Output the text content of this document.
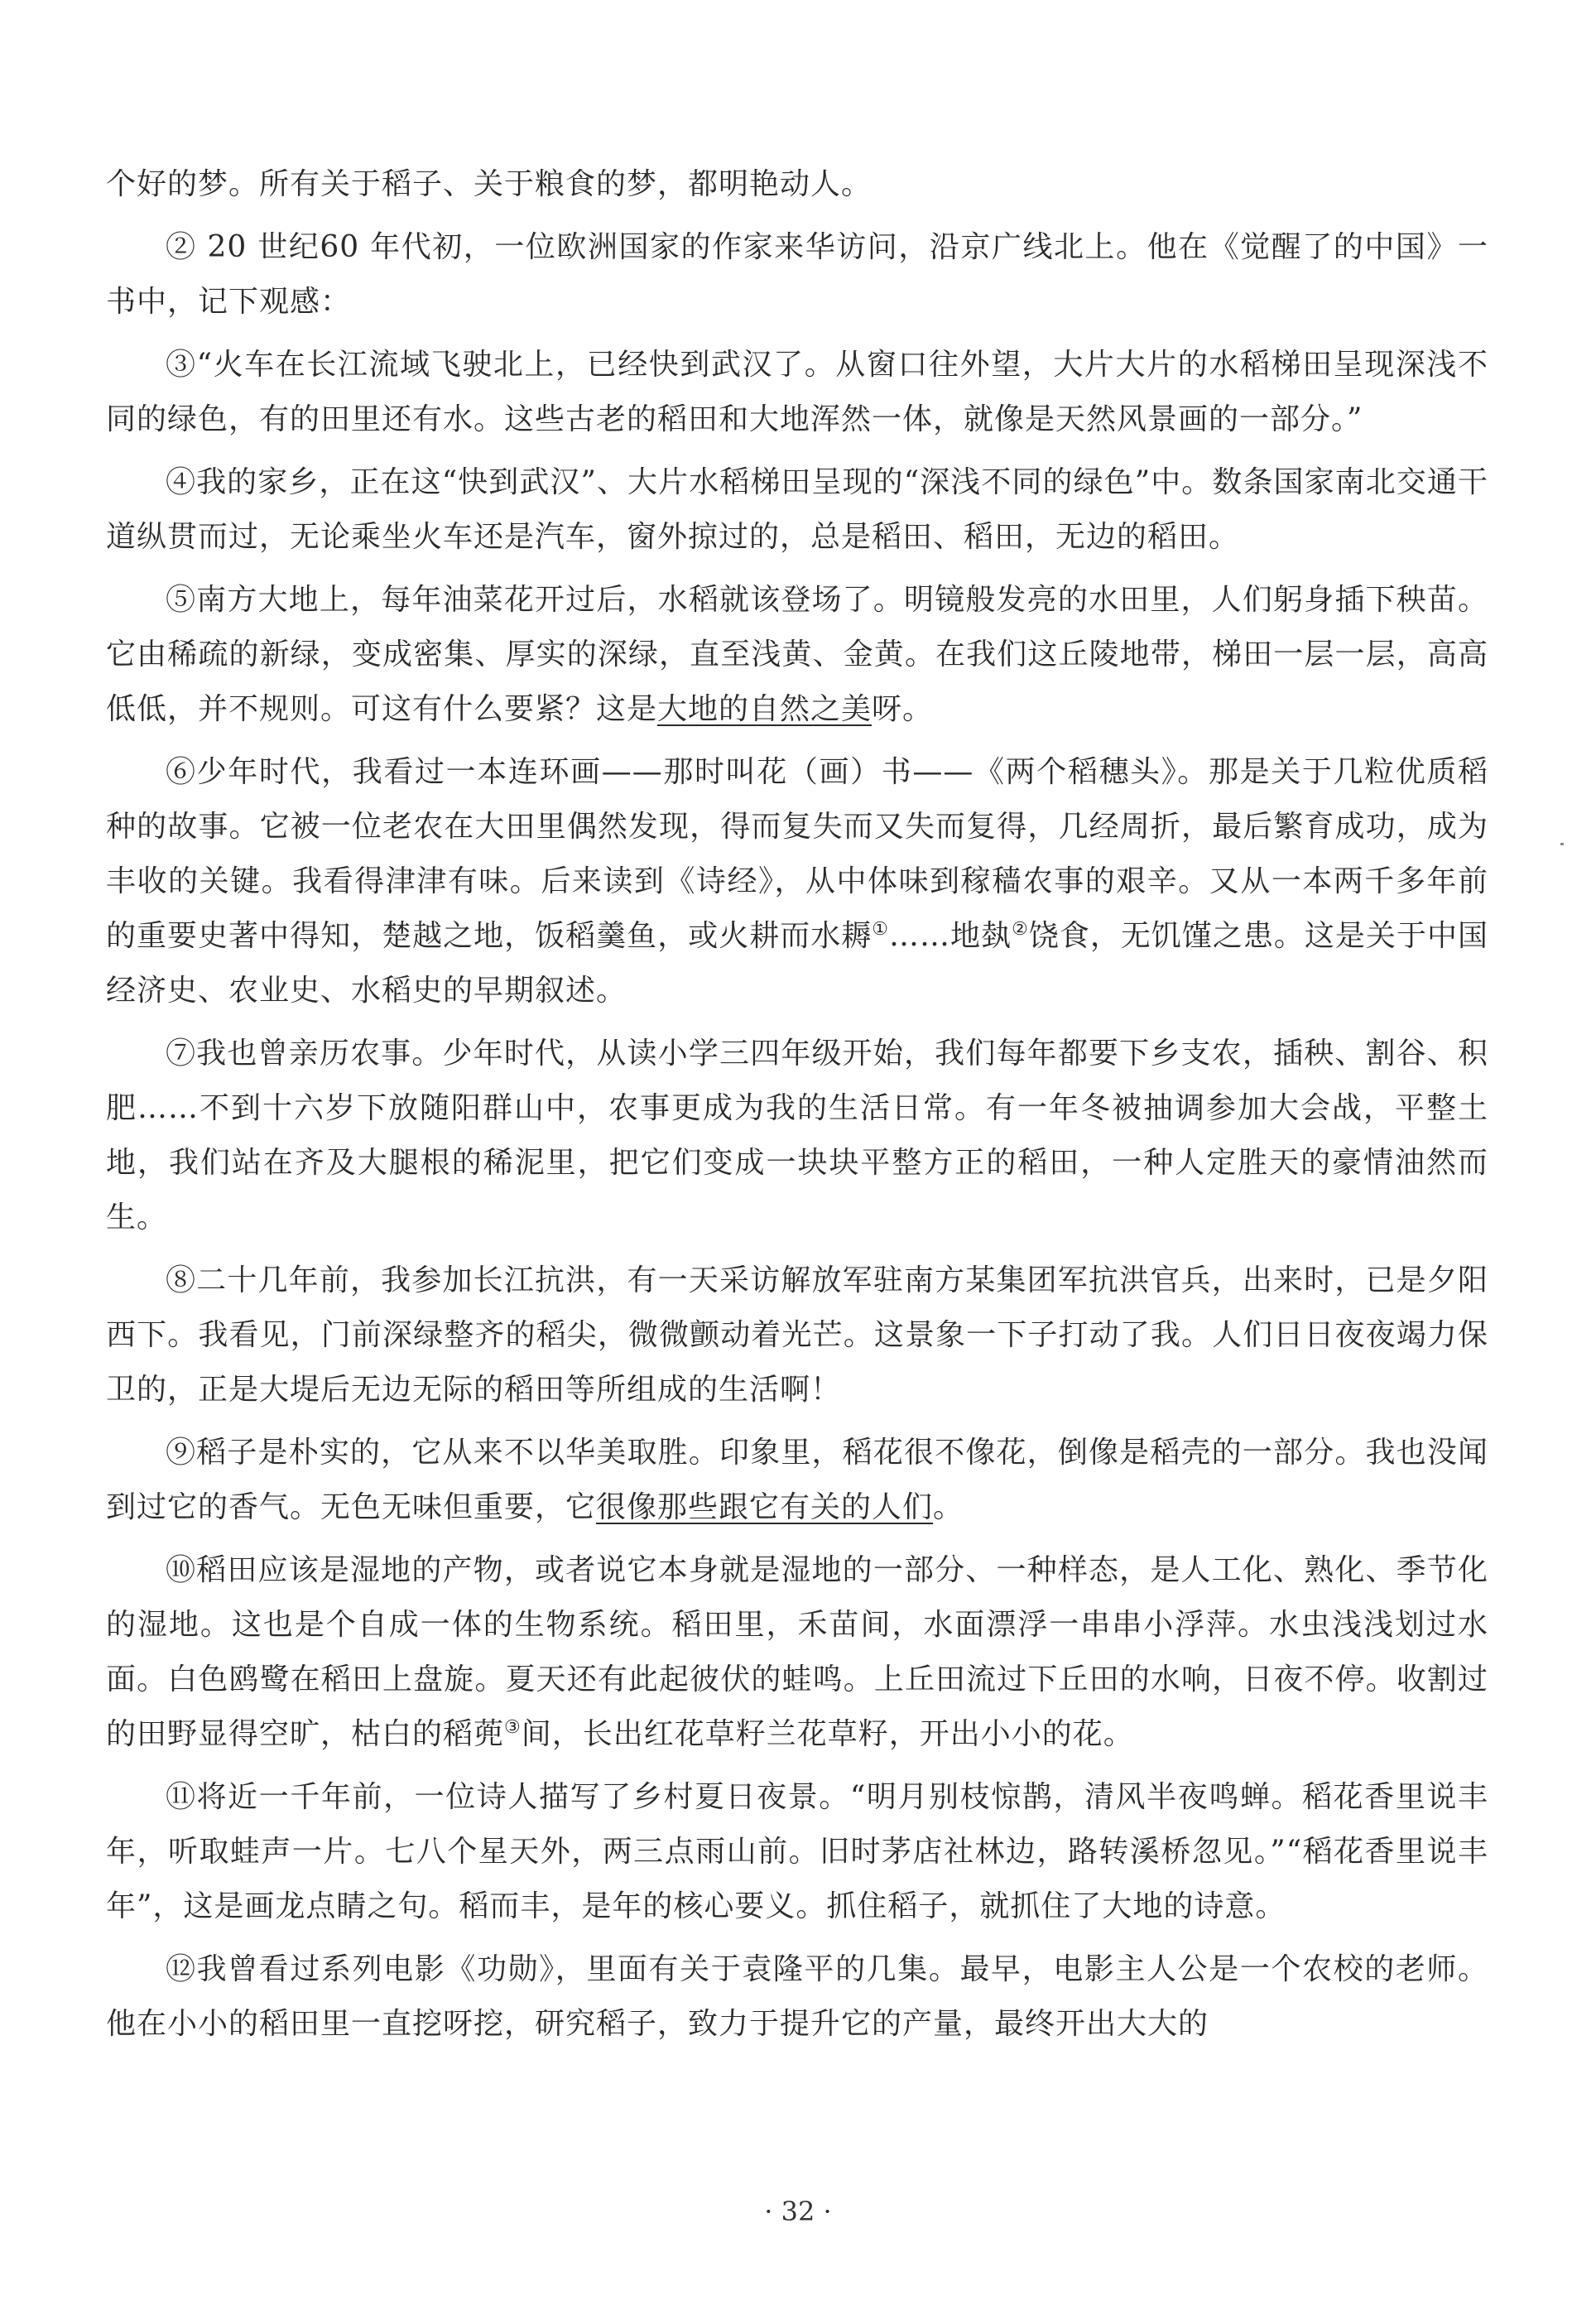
个好的梦。所有关于稻子、关于粮食的梦，都明艳动人。

② 20 世纪60 年代初，一位欧洲国家的作家来华访问，沿京广线北上。他在《觉醒了的中国》一书中，记下观感：

③“火车在长江流域飞驶北上，已经快到武汉了。从窗口往外望，大片大片的水稻梯田呈现深浅不同的绿色，有的田里还有水。这些古老的稻田和大地浑然一体，就像是天然风景画的一部分。”

④我的家乡，正在这“快到武汉”、大片水稻梯田呈现的“深浅不同的绿色”中。数条国家南北交通干道纵贯而过，无论乘坐火车还是汽车，窗外掠过的，总是稻田、稻田，无边的稻田。

⑤南方大地上，每年油菜花开过后，水稻就该登场了。明镜般发亮的水田里，人们躬身插下秧苗。它由稀疏的新绿，变成密集、厚实的深绿，直至浅黄、金黄。在我们这丘陵地带，梯田一层一层，高高低低，并不规则。可这有什么要紧？这是大地的自然之美呀。

⑥少年时代，我看过一本连环画——那时叫花（画）书——《两个稻穗头》。那是关于几粒优质稻种的故事。它被一位老农在大田里偶然发现，得而复失而又失而复得，几经周折，最后繁育成功，成为丰收的关键。我看得津津有味。后来读到《诗经》，从中体味到稼穑农事的艰辛。又从一本两千多年前的重要史著中得知，楚越之地，饭稻羹鱼，或火耕而水耨①……地埶②饶食，无饥馑之患。这是关于中国经济史、农业史、水稻史的早期叙述。

⑦我也曾亲历农事。少年时代，从读小学三四年级开始，我们每年都要下乡支农，插秧、割谷、积肥……不到十六岁下放随阳群山中，农事更成为我的生活日常。有一年冬被抽调参加大会战，平整土地，我们站在齐及大腿根的稀泥里，把它们变成一块块平整方正的稻田，一种人定胜天的豪情油然而生。

⑧二十几年前，我参加长江抗洪，有一天采访解放军驻南方某集团军抗洪官兵，出来时，已是夕阳西下。我看见，门前深绿整齐的稻尖，微微颤动着光芒。这景象一下子打动了我。人们日日夜夜竭力保卫的，正是大堤后无边无际的稻田等所组成的生活啊！

⑨稻子是朴实的，它从来不以华美取胜。印象里，稻花很不像花，倒像是稻壳的一部分。我也没闻到过它的香气。无色无味但重要，它很像那些跟它有关的人们。

⑩稻田应该是湿地的产物，或者说它本身就是湿地的一部分、一种样态，是人工化、熟化、季节化的湿地。这也是个自成一体的生物系统。稻田里，禾苗间，水面漂浮一串串小浮萍。水虫浅浅划过水面。白色鸥鹭在稻田上盘旋。夏天还有此起彼伏的蛙鸣。上丘田流过下丘田的水响，日夜不停。收割过的田野显得空旷，枯白的稻蔸③间，长出红花草籽兰花草籽，开出小小的花。

⑪将近一千年前，一位诗人描写了乡村夏日夜景。“明月别枝惊鹊，清风半夜鸣蝉。稻花香里说丰年，听取蛙声一片。七八个星天外，两三点雨山前。旧时茅店社林边，路转溪桥忽见。”“稻花香里说丰年”，这是画龙点睛之句。稻而丰，是年的核心要义。抓住稻子，就抓住了大地的诗意。

⑫我曾看过系列电影《功勋》，里面有关于袁隆平的几集。最早，电影主人公是一个农校的老师。他在小小的稻田里一直挖呀挖，研究稻子，致力于提升它的产量，最终开出大大的

· 32 ·
